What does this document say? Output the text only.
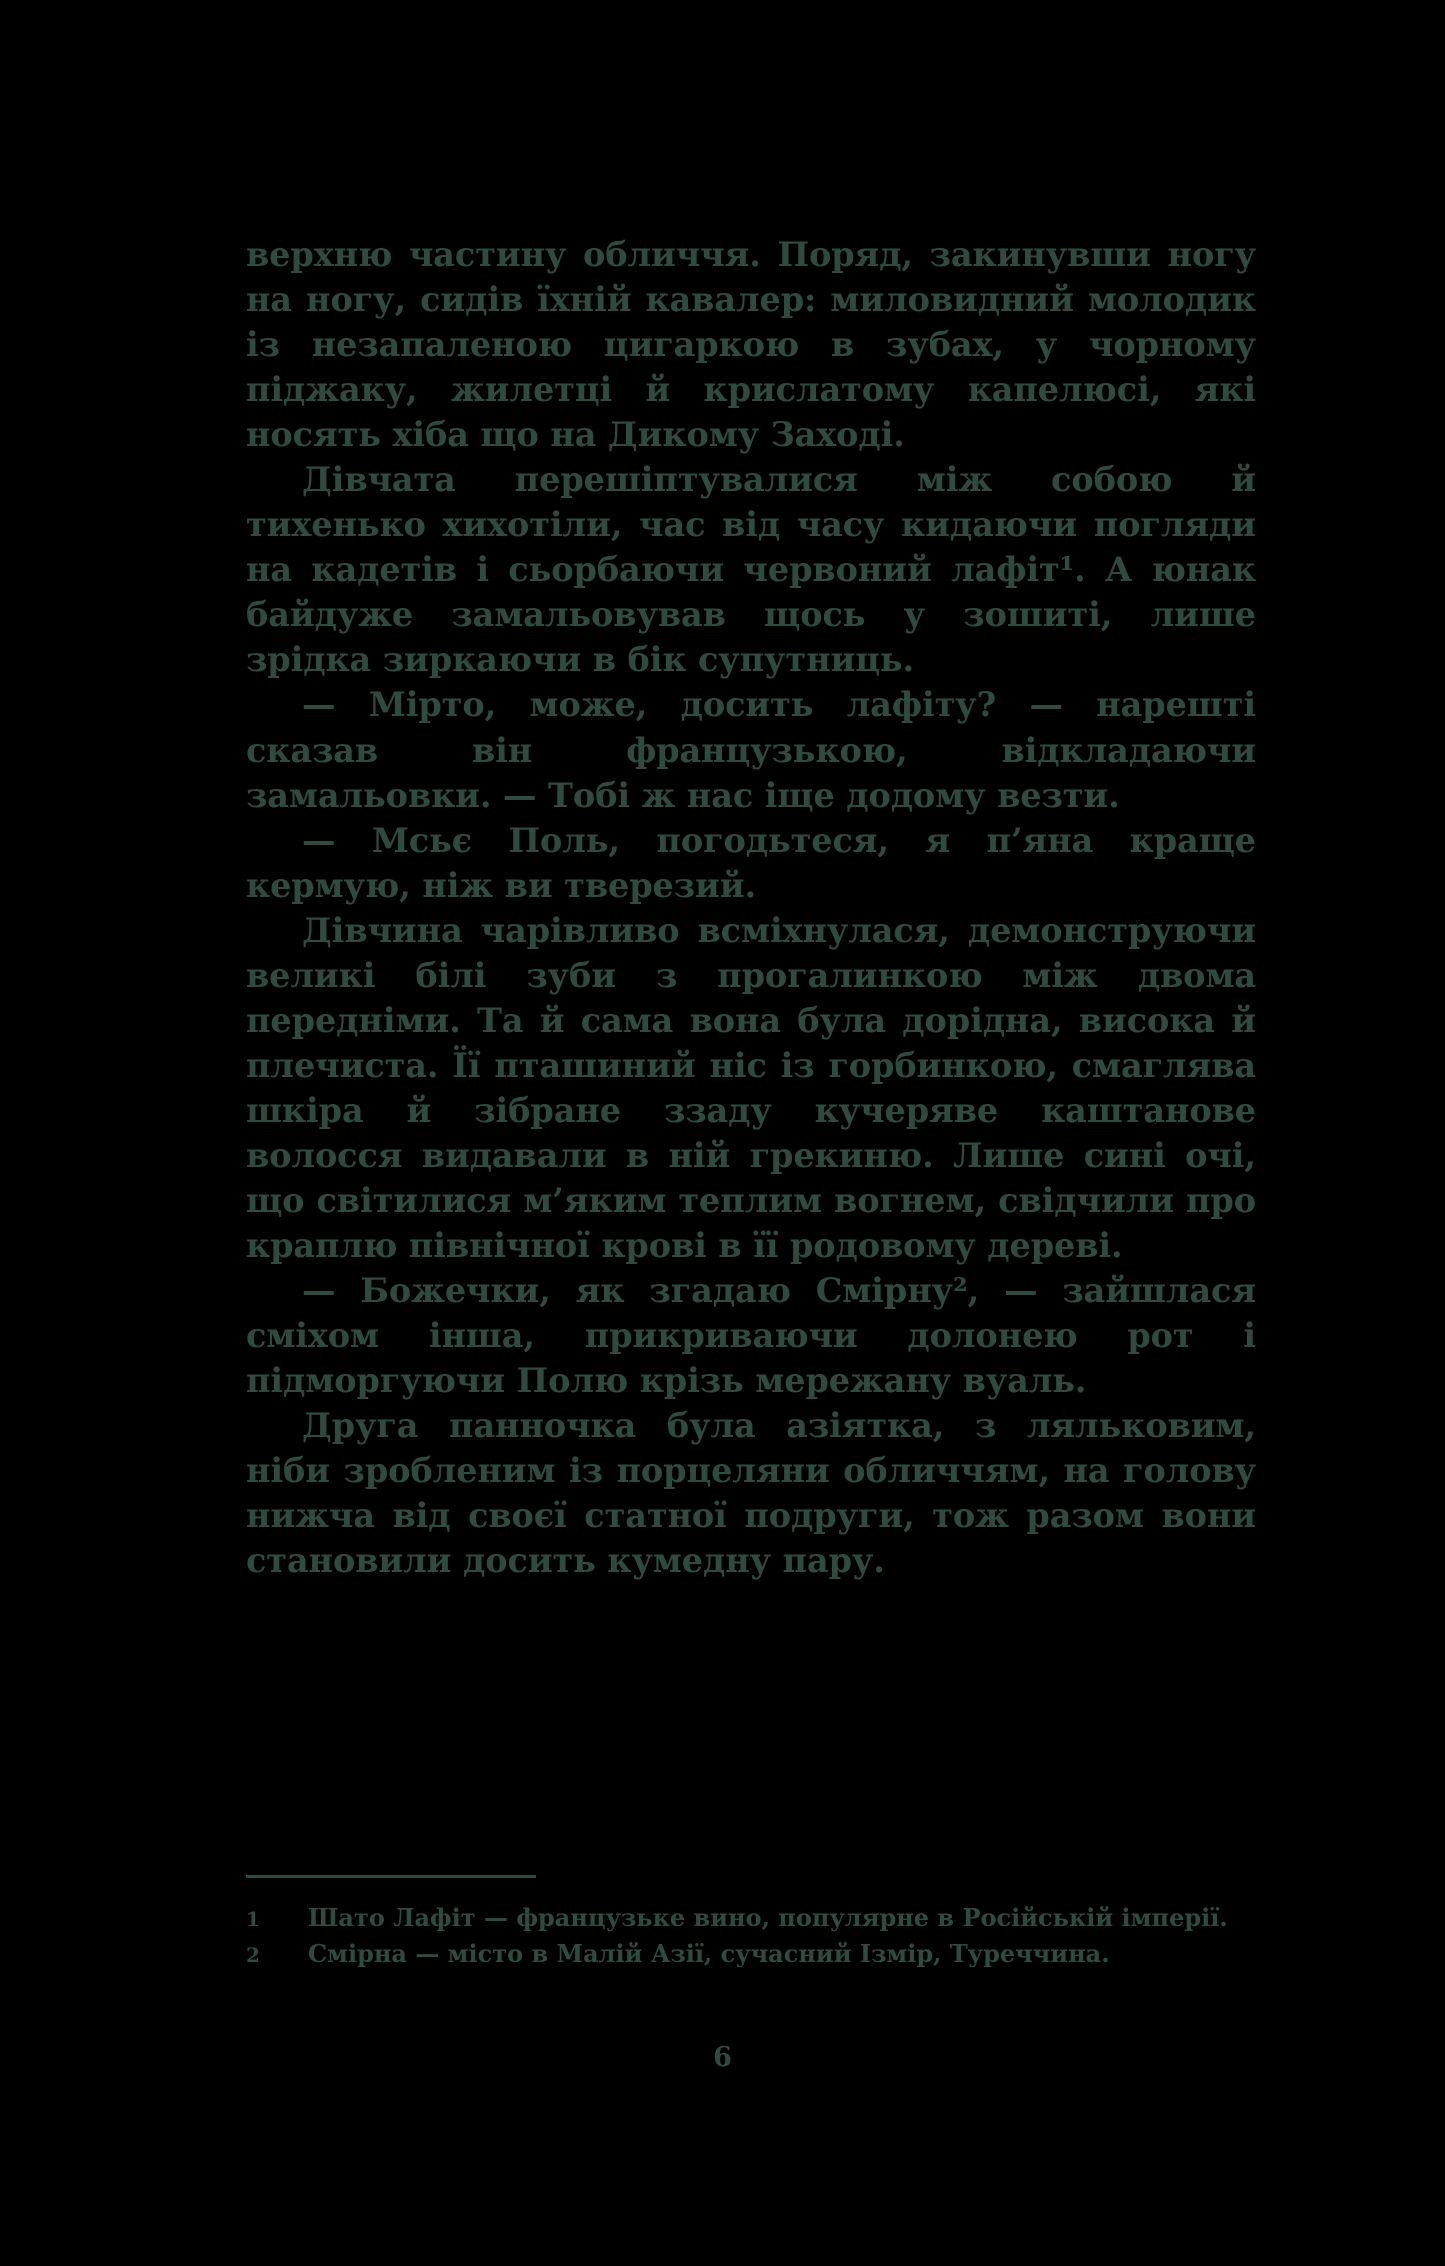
верхню частину обличчя. Поряд, закинувши ногу на ногу, сидів їхній кавалер: миловидний молодик із незапаленою цигаркою в зубах, у чорному піджаку, жилетці й крислатому капелюсі, які носять хіба що на Дикому Заході.

Дівчата перешіптувалися між собою й тихенько хихотіли, час від часу кидаючи погляди на кадетів і сьорбаючи червоний лафіт¹. А юнак байдуже замальовував щось у зошиті, лише зрідка зиркаючи в бік супутниць.

— Мірто, може, досить лафіту? — нарешті сказав він французькою, відкладаючи замальовки. — Тобі ж нас іще додому везти.

— Мсьє Поль, погодьтеся, я п’яна краще кермую, ніж ви тверезий.

Дівчина чарівливо всміхнулася, демонструючи великі білі зуби з прогалинкою між двома передніми. Та й сама вона була дорідна, висока й плечиста. Її пташиний ніс із горбинкою, смаглява шкіра й зібране ззаду кучеряве каштанове волосся видавали в ній грекиню. Лише сині очі, що світилися м’яким теплим вогнем, свідчили про краплю північної крові в її родовому дереві.

— Божечки, як згадаю Смірну², — зайшлася сміхом інша, прикриваючи долонею рот і підморгуючи Полю крізь мережану вуаль.

Друга панночка була азіятка, з ляльковим, ніби зробленим із порцеляни обличчям, на голову нижча від своєї статної подруги, тож разом вони становили досить кумедну пару.

1	Шато Лафіт — французьке вино, популярне в Російській імперії.
2	Смірна — місто в Малій Азії, сучасний Ізмір, Туреччина.
6
